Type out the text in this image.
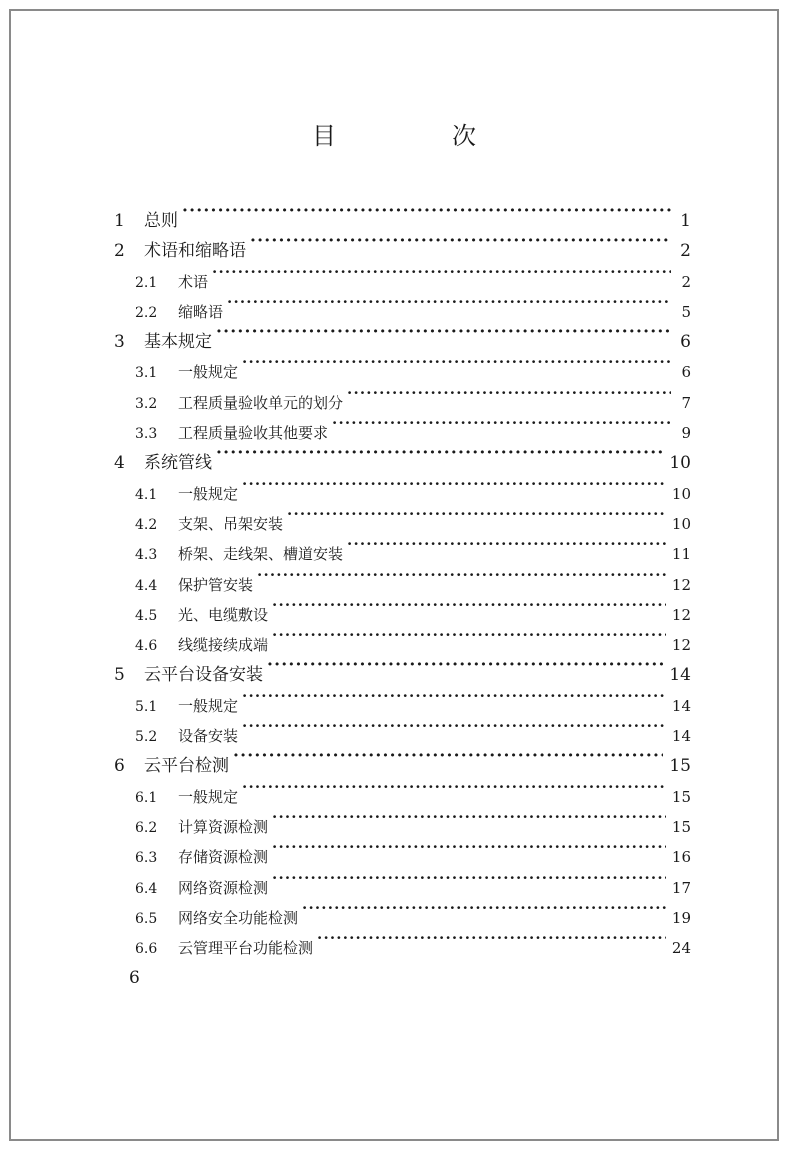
目　次
1	总则 ·····	1
2	术语和缩略语 ·····	2
2.1	术语 ·····	2
2.2	缩略语 ·····	5
3	基本规定 ·····	6
3.1	一般规定 ·····	6
3.2	工程质量验收单元的划分 ·····	7
3.3	工程质量验收其他要求 ·····	9
4	系统管线 ·····	10
4.1	一般规定 ·····	10
4.2	支架、吊架安装 ·····	10
4.3	桥架、走线架、槽道安装 ·····	11
4.4	保护管安装 ·····	12
4.5	光、电缆敷设 ·····	12
4.6	线缆接续成端 ·····	12
5	云平台设备安装 ·····	14
5.1	一般规定 ·····	14
5.2	设备安装 ·····	14
6	云平台检测 ·····	15
6.1	一般规定 ·····	15
6.2	计算资源检测 ·····	15
6.3	存储资源检测 ·····	16
6.4	网络资源检测 ·····	17
6.5	网络安全功能检测 ·····	19
6.6	云管理平台功能检测 ·····	24
6
